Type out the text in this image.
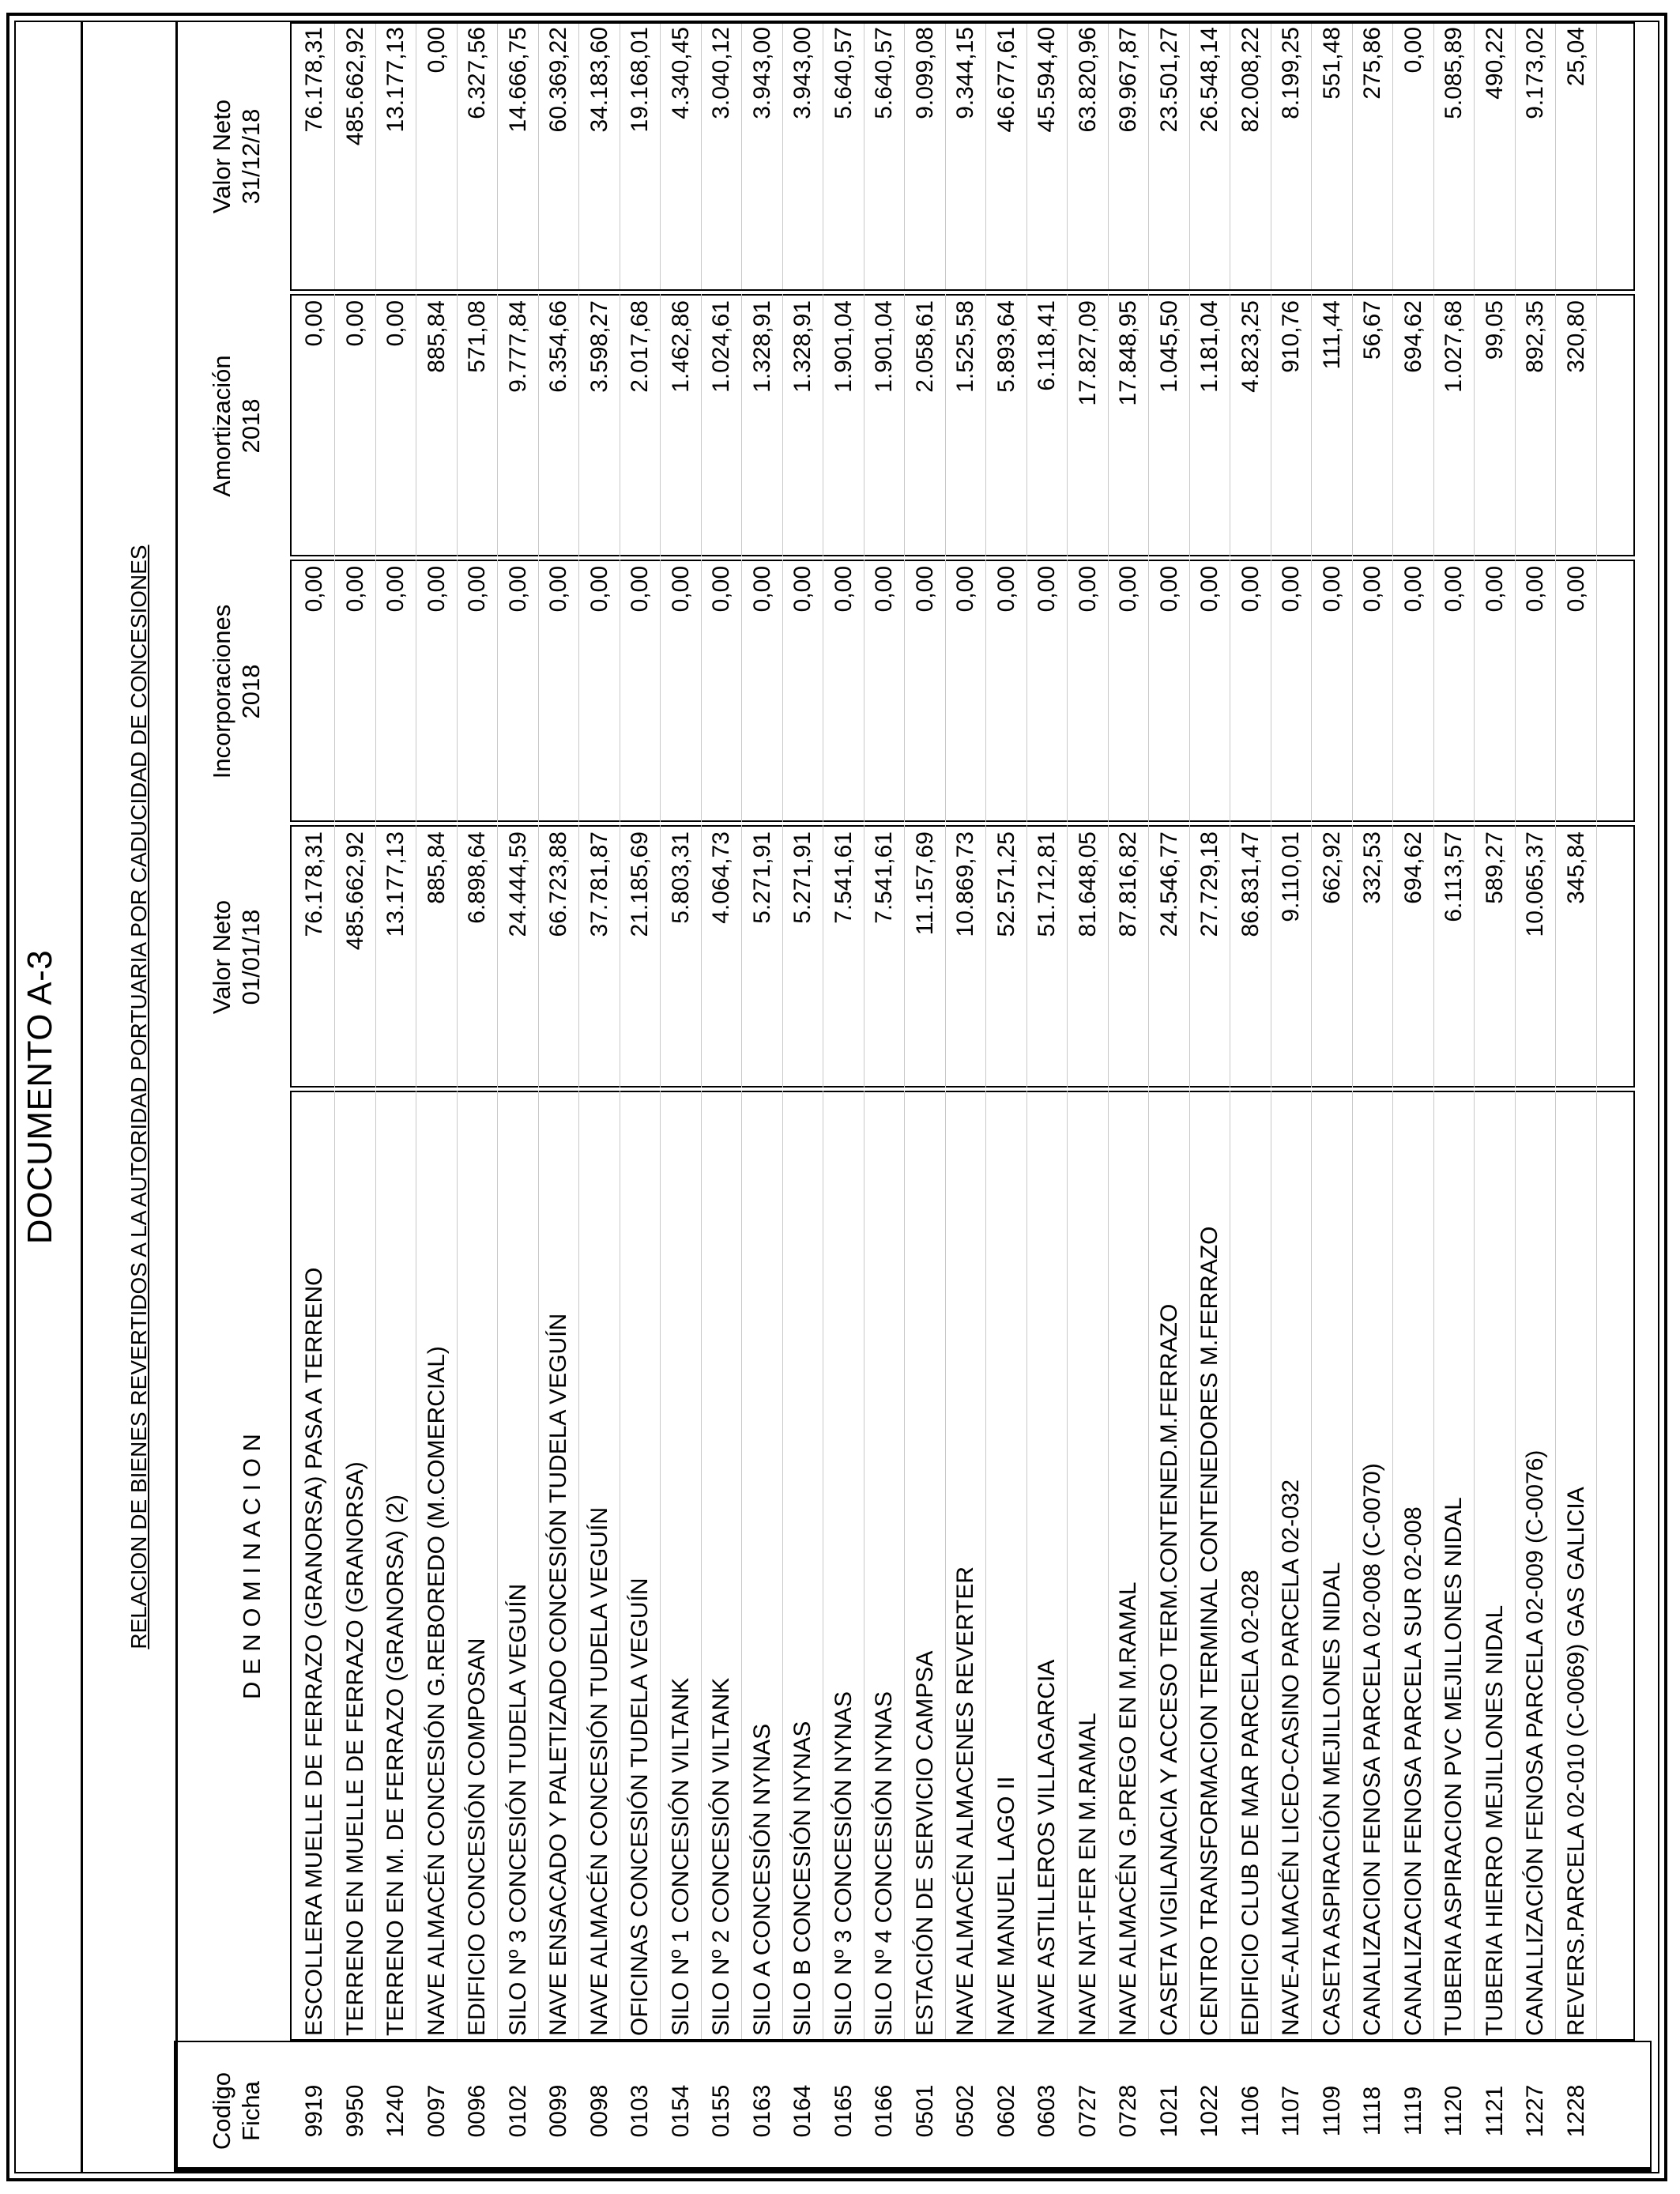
DOCUMENTO A-3	RELACION DE BIENES REVERTIDOS A LA AUTORIDAD PORTUARIA POR CADUCIDAD DE CONCESIONES
Codigo Ficha
D E N O M I N A C I O N
Valor Neto 01/01/18
Incorporaciones 2018
Amortización 2018
9919
ESCOLLERA MUELLE DE FERRAZO (GRANORSA) PASA A TERRENO
76.178,31
0,00
0,00
76.178,31
9950
TERRENO EN MUELLE DE FERRAZO (GRANORSA)
485.662,92
0,00
0,00
485.662,92
1240
TERRENO EN M. DE FERRAZO (GRANORSA) (2)
13.177,13
0,00
0,00
13.177,13
0097
NAVE ALMACÉN CONCESIÓN G.REBOREDO (M.COMERCIAL)
885,84
0,00
885,84
0,00
0096
EDIFICIO CONCESIÓN COMPOSAN
6.898,64
0,00
571,08
6.327,56
0102
SILO Nº 3 CONCESIÓN TUDELA VEGUÍN
24.444,59
0,00
9.777,84
14.666,75
0099
NAVE ENSACADO Y PALETIZADO CONCESIÓN TUDELA VEGUÍN
66.723,88
0,00
6.354,66
60.369,22
0098
NAVE ALMACÉN CONCESIÓN TUDELA VEGUÍN
37.781,87
0,00
3.598,27
34.183,60
0103
OFICINAS CONCESIÓN TUDELA VEGUÍN
21.185,69
0,00
2.017,68
19.168,01
0154
SILO Nº 1 CONCESIÓN VILTANK
5.803,31
0,00
1.462,86
4.340,45
0155
SILO Nº 2 CONCESIÓN VILTANK
4.064,73
0,00
1.024,61
3.040,12
0163
SILO A CONCESIÓN NYNAS
5.271,91
0,00
1.328,91
3.943,00
0164
SILO B CONCESIÓN NYNAS
5.271,91
0,00
1.328,91
3.943,00
0165
SILO Nº 3 CONCESIÓN NYNAS
7.541,61
0,00
1.901,04
5.640,57
0166
SILO Nº 4 CONCESIÓN NYNAS
7.541,61
0,00
1.901,04
5.640,57
0501
ESTACIÓN DE SERVICIO CAMPSA
11.157,69
0,00
2.058,61
9.099,08
0502
NAVE ALMACÉN ALMACENES REVERTER
10.869,73
0,00
1.525,58
9.344,15
0602
NAVE MANUEL LAGO II
52.571,25
0,00
5.893,64
46.677,61
0603
NAVE ASTILLEROS VILLAGARCIA
51.712,81
0,00
6.118,41
45.594,40
0727
NAVE NAT-FER EN M.RAMAL
81.648,05
0,00
17.827,09
63.820,96
0728
NAVE ALMACÉN G.PREGO EN M.RAMAL
87.816,82
0,00
17.848,95
69.967,87
1021
CASETA VIGILANACIA Y ACCESO TERM.CONTENED.M.FERRAZO
24.546,77
0,00
1.045,50
23.501,27
1022
CENTRO TRANSFORMACION TERMINAL CONTENEDORES M.FERRAZO
27.729,18
0,00
1.181,04
26.548,14
1106
EDIFICIO CLUB DE MAR PARCELA 02-028
86.831,47
0,00
4.823,25
82.008,22
1107
NAVE-ALMACÉN LICEO-CASINO PARCELA 02-032
9.110,01
0,00
910,76
8.199,25
1109
CASETA ASPIRACIÓN MEJILLONES NIDAL
662,92
0,00
111,44
551,48
1118
CANALIZACION FENOSA PARCELA 02-008 (C-0070)
332,53
0,00
56,67
275,86
1119
CANALIZACION FENOSA PARCELA SUR 02-008
694,62
0,00
694,62
0,00
1120
TUBERIA ASPIRACION PVC MEJILLONES NIDAL
6.113,57
0,00
1.027,68
5.085,89
1121
TUBERIA HIERRO MEJILLONES NIDAL
589,27
0,00
99,05
490,22
1227
CANALLIZACIÓN FENOSA PARCELA 02-009 (C-0076)
10.065,37
0,00
892,35
9.173,02
1228
REVERS.PARCELA 02-010 (C-0069) GAS GALICIA
345,84
0,00
320,80
25,04
Valor Neto 31/12/18
